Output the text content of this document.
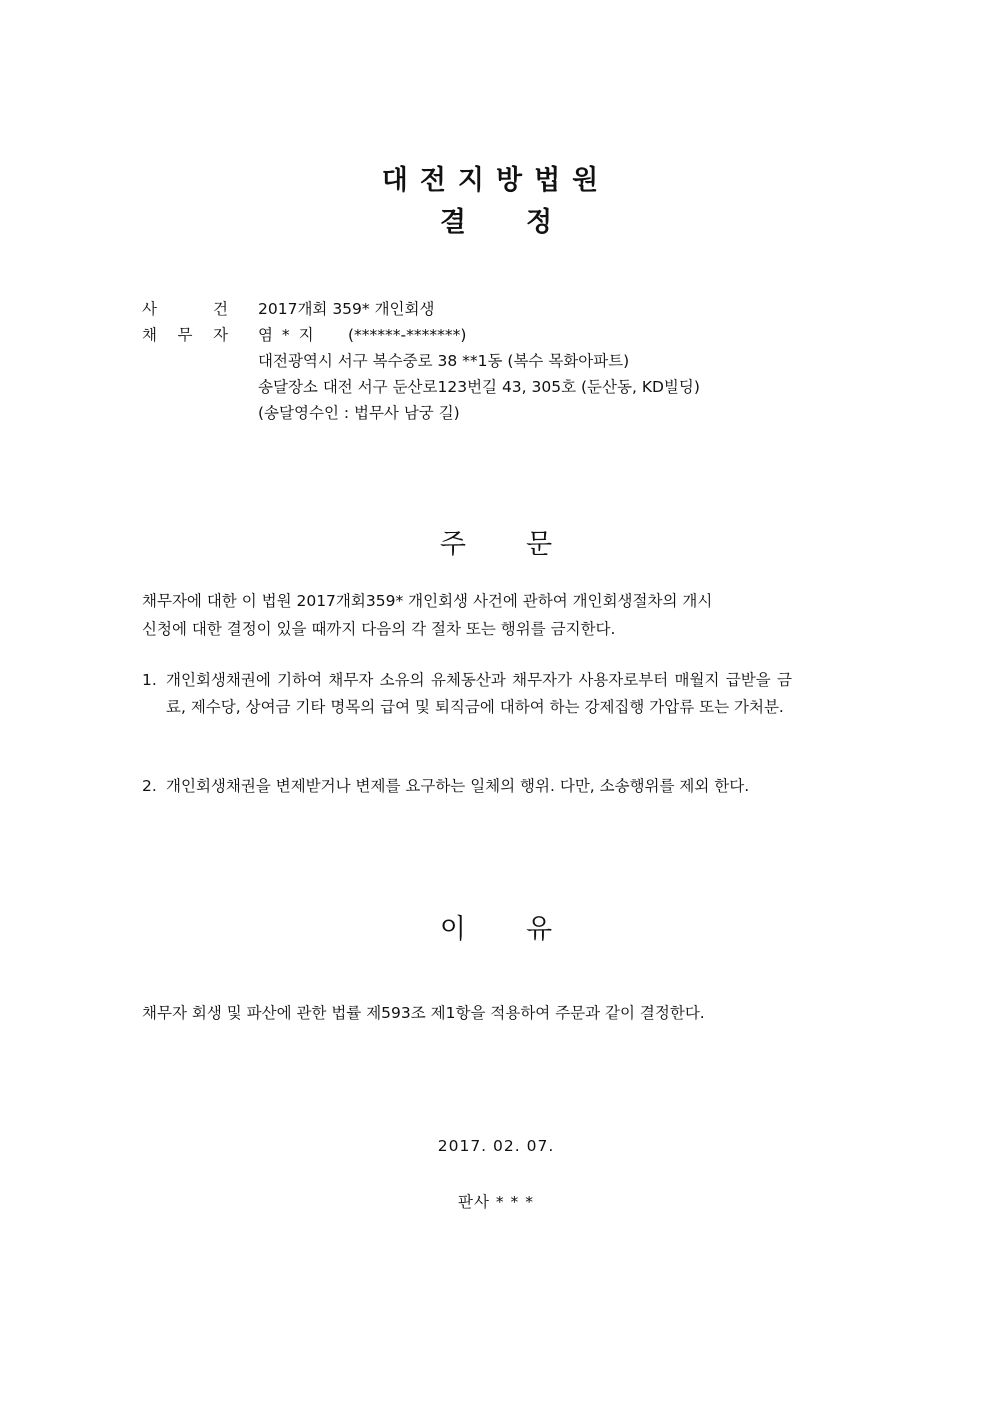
대전지방법원
결정
사	건 2017개회 359* 개인회생
채 무 자 염 * 지	(******-*******)
대전광역시 서구 복수중로 38 **1동 (복수 목화아파트)
송달장소 대전 서구 둔산로123번길 43, 305호 (둔산동, KD빌딩)
(송달영수인 : 법무사 남궁 길)
주문
채무자에 대한 이 법원 2017개회359* 개인회생 사건에 관하여 개인회생절차의 개시
신청에 대한 결정이 있을 때까지 다음의 각 절차 또는 행위를 금지한다.
1. 개인회생채권에 기하여 채무자 소유의 유체동산과 채무자가 사용자로부터 매월지 급받을 금료, 제수당, 상여금 기타 명목의 급여 및 퇴직금에 대하여 하는 강제집행 가압류 또는 가처분.
2. 개인회생채권을 변제받거나 변제를 요구하는 일체의 행위. 다만, 소송행위를 제외 한다.
이유
채무자 회생 및 파산에 관한 법률 제593조 제1항을 적용하여 주문과 같이 결정한다.
2017. 02. 07.
판사 * * *
